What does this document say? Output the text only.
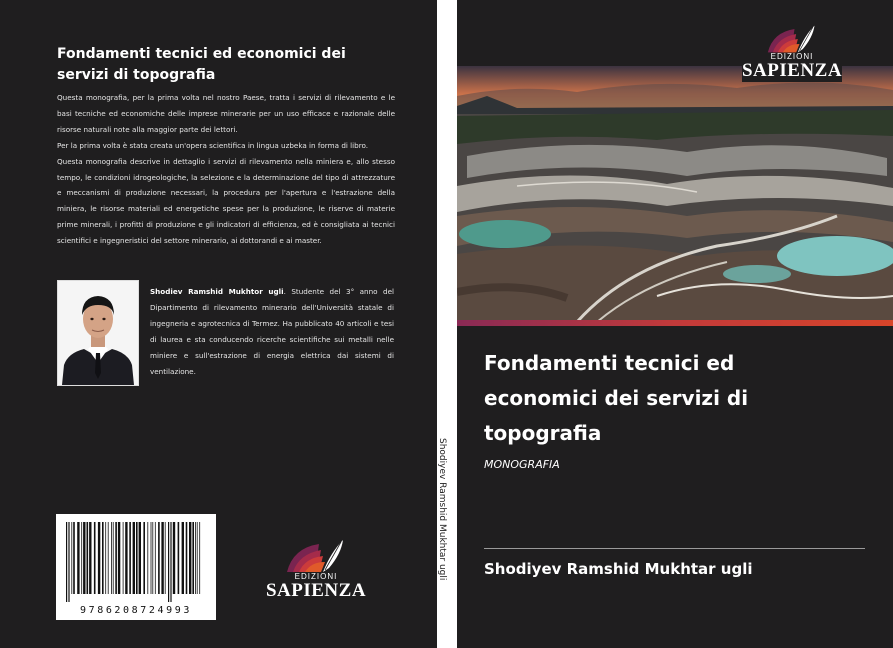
Fondamenti tecnici ed economici dei servizi di topografia

Questa monografia, per la prima volta nel nostro Paese, tratta i servizi di rilevamento e le basi tecniche ed economiche delle imprese minerarie per un uso efficace e razionale delle risorse naturali note alla maggior parte dei lettori.

Per la prima volta è stata creata un'opera scientifica in lingua uzbeka in forma di libro.

Questa monografia descrive in dettaglio i servizi di rilevamento nella miniera e, allo stesso tempo, le condizioni idrogeologiche, la selezione e la determinazione del tipo di attrezzature e meccanismi di produzione necessari, la procedura per l'apertura e l'estrazione della miniera, le risorse materiali ed energetiche spese per la produzione, le riserve di materie prime minerali, i profitti di produzione e gli indicatori di efficienza, ed è consigliata ai tecnici scientifici e ingegneristici del settore minerario, ai dottorandi e ai master.

Shodiev Ramshid Mukhtor ugli. Studente del 3° anno del Dipartimento di rilevamento minerario dell'Università statale di ingegneria e agrotecnica di Termez. Ha pubblicato 40 articoli e tesi di laurea e sta conducendo ricerche scientifiche sui metalli nelle miniere e sull'estrazione di energia elettrica dai sistemi di ventilazione.

9786208724993
EDIZIONI
SAPIENZA
Shodiyev Ramshid Mukhtar ugli
EDIZIONI
SAPIENZA
Fondamenti tecnici ed economici dei servizi di topografia
MONOGRAFIA
Shodiyev Ramshid Mukhtar ugli
